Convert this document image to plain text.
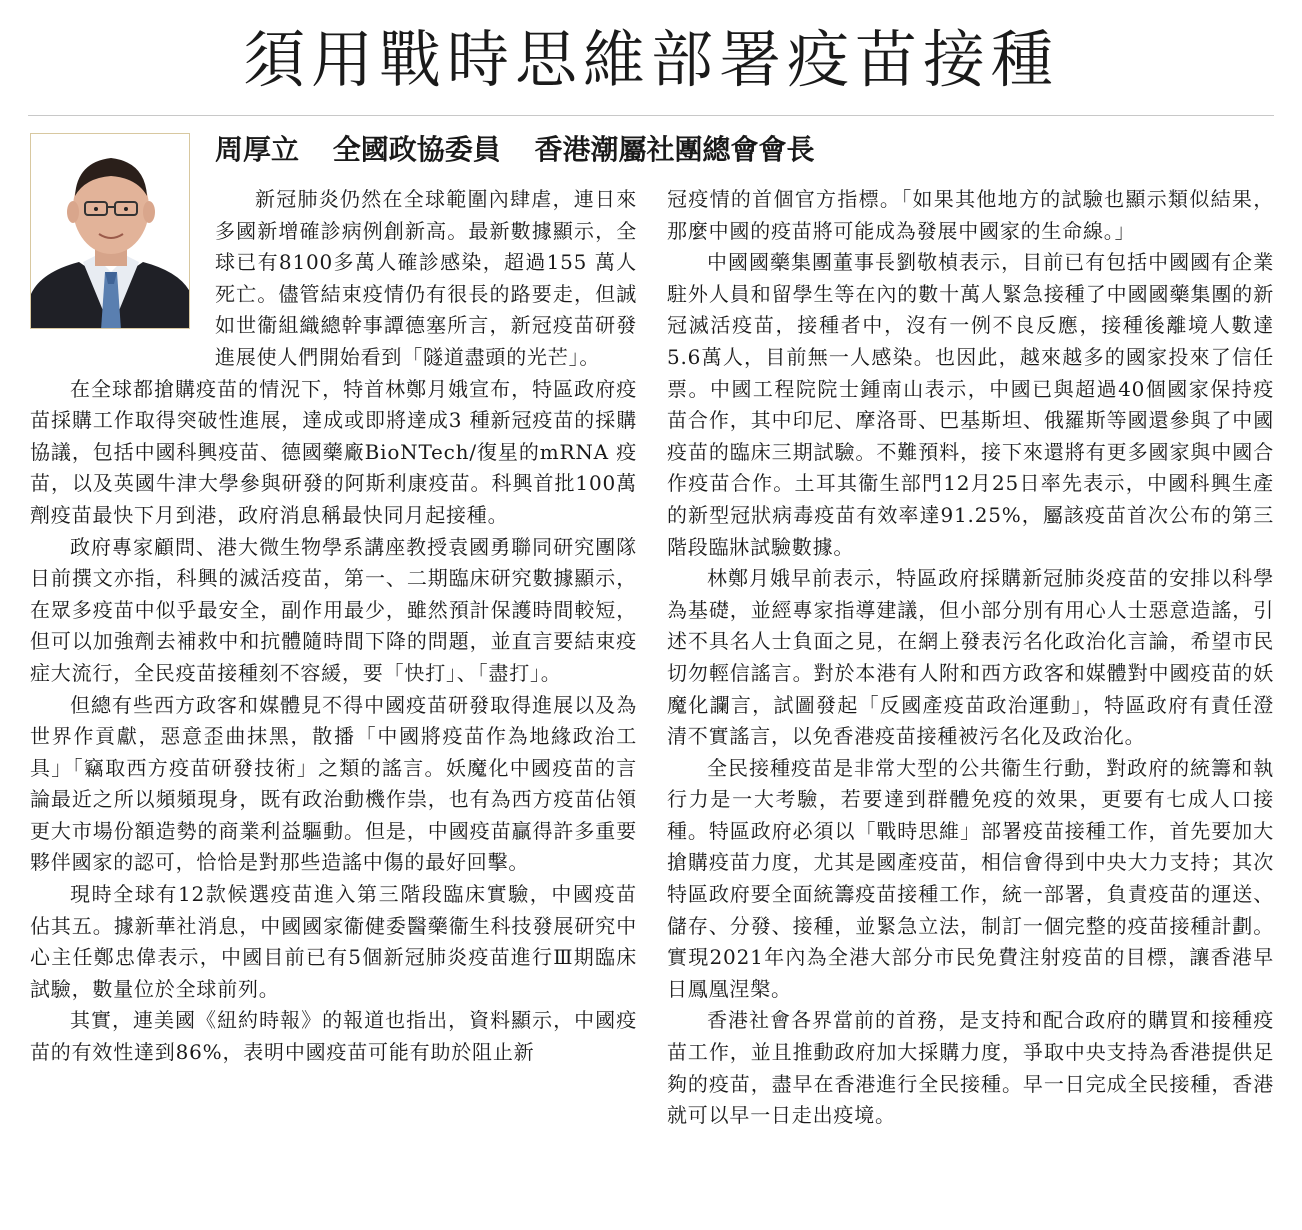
須用戰時思維部署疫苗接種
周厚立 全國政協委員 香港潮屬社團總會會長

冠疫情的首個官方指標。「如果其他地方的試驗也顯示類似結果，那麼中國的疫苗將可能成為發展中國家的生命線。」

中國國藥集團董事長劉敬楨表示，目前已有包括中國國有企業駐外人員和留學生等在內的數十萬人緊急接種了中國國藥集團的新冠滅活疫苗，接種者中，沒有一例不良反應，接種後離境人數達5.6萬人，目前無一人感染。也因此，越來越多的國家投來了信任票。中國工程院院士鍾南山表示，中國已與超過40個國家保持疫苗合作，其中印尼、摩洛哥、巴基斯坦、俄羅斯等國還參與了中國疫苗的臨床三期試驗。不難預料，接下來還將有更多國家與中國合作疫苗合作。土耳其衞生部門12月25日率先表示，中國科興生產的新型冠狀病毒疫苗有效率達91.25%，屬該疫苗首次公布的第三階段臨牀試驗數據。

林鄭月娥早前表示，特區政府採購新冠肺炎疫苗的安排以科學為基礎，並經專家指導建議，但小部分別有用心人士惡意造謠，引述不具名人士負面之見，在網上發表污名化政治化言論，希望市民切勿輕信謠言。對於本港有人附和西方政客和媒體對中國疫苗的妖魔化讕言，試圖發起「反國產疫苗政治運動」，特區政府有責任澄清不實謠言，以免香港疫苗接種被污名化及政治化。

全民接種疫苗是非常大型的公共衞生行動，對政府的統籌和執行力是一大考驗，若要達到群體免疫的效果，更要有七成人口接種。特區政府必須以「戰時思維」部署疫苗接種工作，首先要加大搶購疫苗力度，尤其是國產疫苗，相信會得到中央大力支持；其次特區政府要全面統籌疫苗接種工作，統一部署，負責疫苗的運送、儲存、分發、接種，並緊急立法，制訂一個完整的疫苗接種計劃。實現2021年內為全港大部分市民免費注射疫苗的目標，讓香港早日鳳凰涅槃。

香港社會各界當前的首務，是支持和配合政府的購買和接種疫苗工作，並且推動政府加大採購力度，爭取中央支持為香港提供足夠的疫苗，盡早在香港進行全民接種。早一日完成全民接種，香港就可以早一日走出疫境。

新冠肺炎仍然在全球範圍內肆虐，連日來多國新增確診病例創新高。最新數據顯示，全球已有8100多萬人確診感染，超過155 萬人死亡。儘管結束疫情仍有很長的路要走，但誠如世衞組織總幹事譚德塞所言，新冠疫苗研發進展使人們開始看到「隧道盡頭的光芒」。

在全球都搶購疫苗的情況下，特首林鄭月娥宣布，特區政府疫苗採購工作取得突破性進展，達成或即將達成3 種新冠疫苗的採購協議，包括中國科興疫苗、德國藥廠BioNTech/復星的mRNA 疫苗，以及英國牛津大學參與研發的阿斯利康疫苗。科興首批100萬劑疫苗最快下月到港，政府消息稱最快同月起接種。

政府專家顧問、港大微生物學系講座教授袁國勇聯同研究團隊日前撰文亦指，科興的滅活疫苗，第一、二期臨床研究數據顯示，在眾多疫苗中似乎最安全，副作用最少，雖然預計保護時間較短，但可以加強劑去補救中和抗體隨時間下降的問題，並直言要結束疫症大流行，全民疫苗接種刻不容緩，要「快打」、「盡打」。

但總有些西方政客和媒體見不得中國疫苗研發取得進展以及為世界作貢獻，惡意歪曲抹黑，散播「中國將疫苗作為地緣政治工具」「竊取西方疫苗研發技術」之類的謠言。妖魔化中國疫苗的言論最近之所以頻頻現身，既有政治動機作祟，也有為西方疫苗佔領更大市場份額造勢的商業利益驅動。但是，中國疫苗贏得許多重要夥伴國家的認可，恰恰是對那些造謠中傷的最好回擊。

現時全球有12款候選疫苗進入第三階段臨床實驗，中國疫苗佔其五。據新華社消息，中國國家衞健委醫藥衞生科技發展研究中心主任鄭忠偉表示，中國目前已有5個新冠肺炎疫苗進行Ⅲ期臨床試驗，數量位於全球前列。

其實，連美國《紐約時報》的報道也指出，資料顯示，中國疫苗的有效性達到86%，表明中國疫苗可能有助於阻止新
